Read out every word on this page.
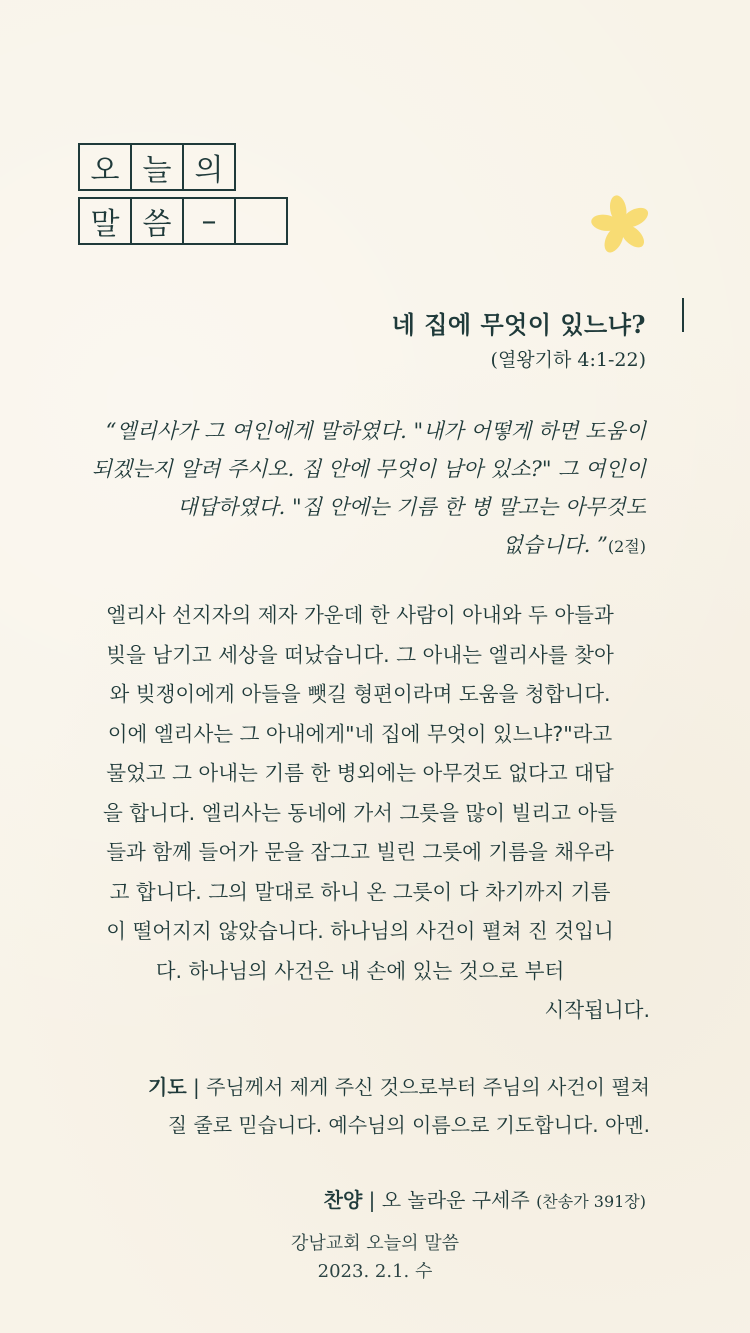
오 늘 의
말 씀	–
네 집에 무엇이 있느냐?
(열왕기하 4:1-22)
“엘리사가 그 여인에게 말하였다. "내가 어떻게 하면 도움이
되겠는지 알려 주시오. 집 안에 무엇이 남아 있소?" 그 여인이
대답하였다. "집 안에는 기름 한 병 말고는 아무것도
없습니다. ”(2절)
엘리사 선지자의 제자 가운데 한 사람이 아내와 두 아들과
빚을 남기고 세상을 떠났습니다. 그 아내는 엘리사를 찾아
와 빚쟁이에게 아들을 뺏길 형편이라며 도움을 청합니다.
이에 엘리사는 그 아내에게"네 집에 무엇이 있느냐?"라고
물었고 그 아내는 기름 한 병외에는 아무것도 없다고 대답
을 합니다. 엘리사는 동네에 가서 그릇을 많이 빌리고 아들
들과 함께 들어가 문을 잠그고 빌린 그릇에 기름을 채우라
고 합니다. 그의 말대로 하니 온 그릇이 다 차기까지 기름
이 떨어지지 않았습니다. 하나님의 사건이 펼쳐 진 것입니
다. 하나님의 사건은 내 손에 있는 것으로 부터
시작됩니다.
기도 | 주님께서 제게 주신 것으로부터 주님의 사건이 펼쳐
질 줄로 믿습니다. 예수님의 이름으로 기도합니다. 아멘.
찬양 | 오 놀라운 구세주 (찬송가 391장)
강남교회 오늘의 말씀
2023. 2.1. 수
